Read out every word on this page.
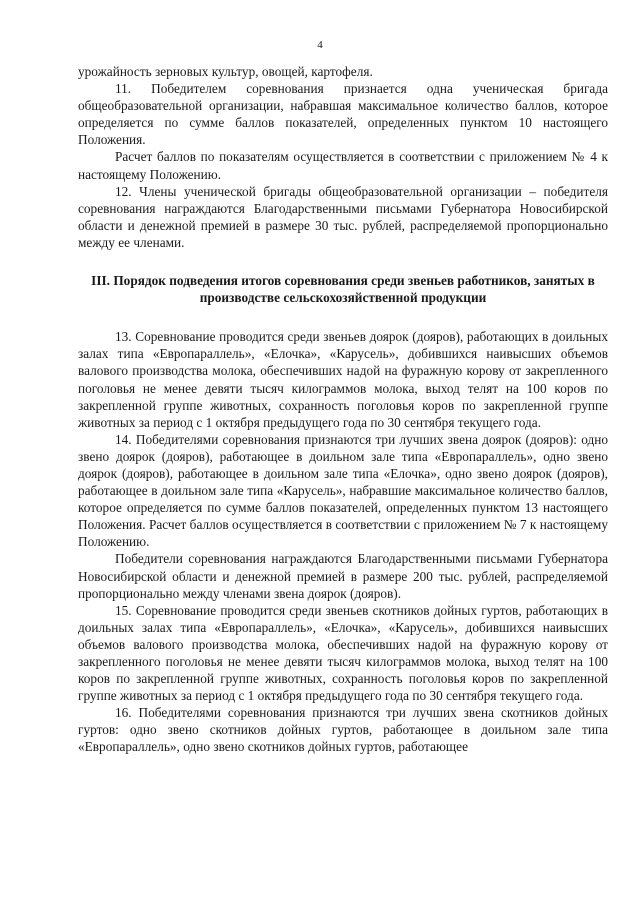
4

урожайность зерновых культур, овощей, картофеля.

11. Победителем соревнования признается одна ученическая бригада общеобразовательной организации, набравшая максимальное количество баллов, которое определяется по сумме баллов показателей, определенных пунктом 10 настоящего Положения.

Расчет баллов по показателям осуществляется в соответствии с приложением № 4 к настоящему Положению.

12. Члены ученической бригады общеобразовательной организации – победителя соревнования награждаются Благодарственными письмами Губернатора Новосибирской области и денежной премией в размере 30 тыс. рублей, распределяемой пропорционально между ее членами.

III. Порядок подведения итогов соревнования среди звеньев работников, занятых в производстве сельскохозяйственной продукции

13. Соревнование проводится среди звеньев доярок (дояров), работающих в доильных залах типа «Европараллель», «Елочка», «Карусель», добившихся наивысших объемов валового производства молока, обеспечивших надой на фуражную корову от закрепленного поголовья не менее девяти тысяч килограммов молока, выход телят на 100 коров по закрепленной группе животных, сохранность поголовья коров по закрепленной группе животных за период с 1 октября предыдущего года по 30 сентября текущего года.

14. Победителями соревнования признаются три лучших звена доярок (дояров): одно звено доярок (дояров), работающее в доильном зале типа «Европараллель», одно звено доярок (дояров), работающее в доильном зале типа «Елочка», одно звено доярок (дояров), работающее в доильном зале типа «Карусель», набравшие максимальное количество баллов, которое определяется по сумме баллов показателей, определенных пунктом 13 настоящего Положения. Расчет баллов осуществляется в соответствии с приложением № 7 к настоящему Положению.

Победители соревнования награждаются Благодарственными письмами Губернатора Новосибирской области и денежной премией в размере 200 тыс. рублей, распределяемой пропорционально между членами звена доярок (дояров).

15. Соревнование проводится среди звеньев скотников дойных гуртов, работающих в доильных залах типа «Европараллель», «Елочка», «Карусель», добившихся наивысших объемов валового производства молока, обеспечивших надой на фуражную корову от закрепленного поголовья не менее девяти тысяч килограммов молока, выход телят на 100 коров по закрепленной группе животных, сохранность поголовья коров по закрепленной группе животных за период с 1 октября предыдущего года по 30 сентября текущего года.

16. Победителями соревнования признаются три лучших звена скотников дойных гуртов: одно звено скотников дойных гуртов, работающее в доильном зале типа «Европараллель», одно звено скотников дойных гуртов, работающее
